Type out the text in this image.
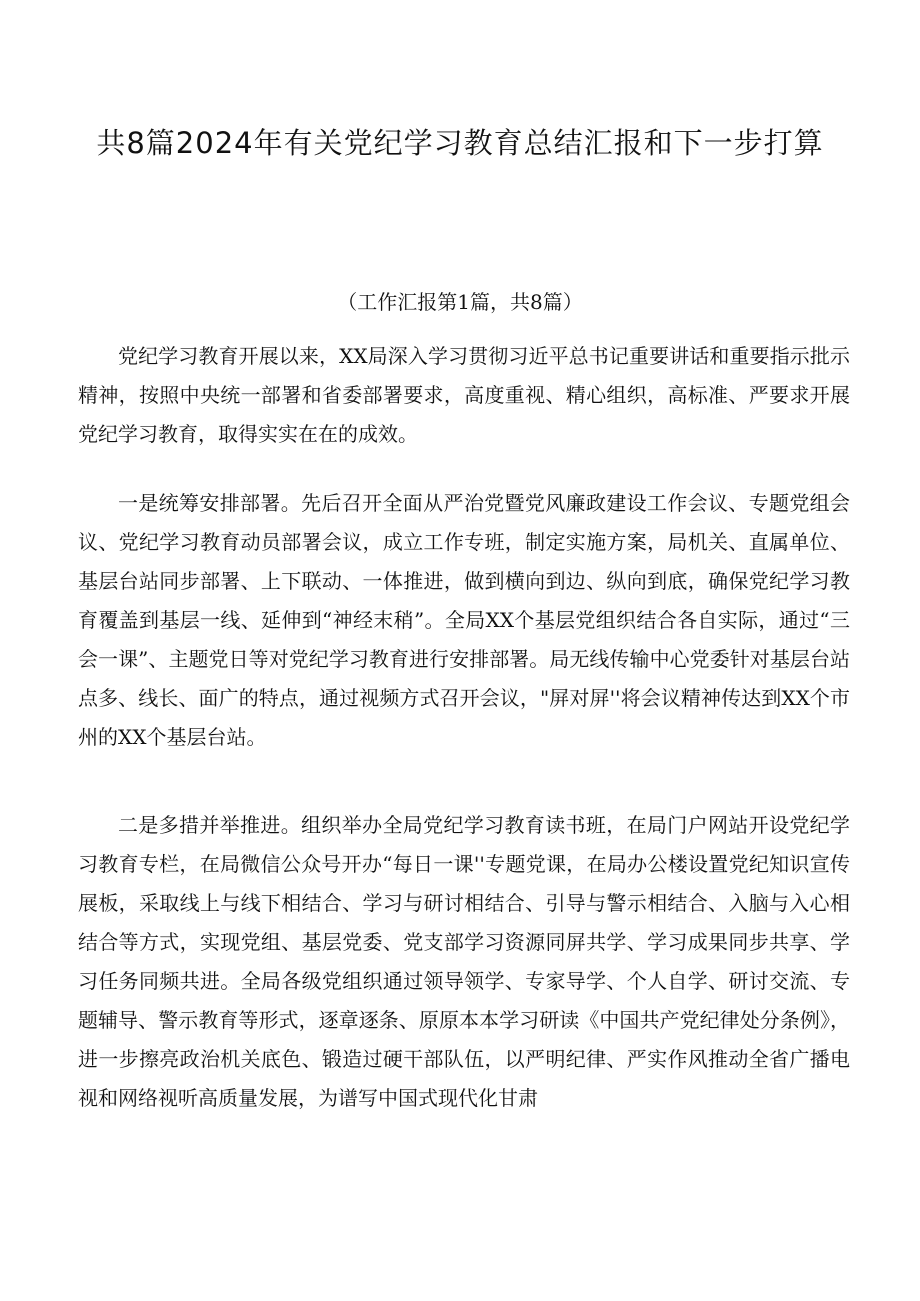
共8篇2024年有关党纪学习教育总结汇报和下一步打算
（工作汇报第1篇，共8篇）

党纪学习教育开展以来，XX局深入学习贯彻习近平总书记重要讲话和重要指示批示精神，按照中央统一部署和省委部署要求，高度重视、精心组织，高标准、严要求开展党纪学习教育，取得实实在在的成效。

一是统筹安排部署。先后召开全面从严治党暨党风廉政建设工作会议、专题党组会议、党纪学习教育动员部署会议，成立工作专班，制定实施方案，局机关、直属单位、基层台站同步部署、上下联动、一体推进，做到横向到边、纵向到底，确保党纪学习教育覆盖到基层一线、延伸到“神经末稍”。全局XX个基层党组织结合各自实际，通过“三会一课”、主题党日等对党纪学习教育进行安排部署。局无线传输中心党委针对基层台站点多、线长、面广的特点，通过视频方式召开会议，"屏对屏''将会议精神传达到XX个市州的XX个基层台站。

二是多措并举推进。组织举办全局党纪学习教育读书班，在局门户网站开设党纪学习教育专栏，在局微信公众号开办“每日一课''专题党课，在局办公楼设置党纪知识宣传展板，采取线上与线下相结合、学习与研讨相结合、引导与警示相结合、入脑与入心相结合等方式，实现党组、基层党委、党支部学习资源同屏共学、学习成果同步共享、学习任务同频共进。全局各级党组织通过领导领学、专家导学、个人自学、研讨交流、专题辅导、警示教育等形式，逐章逐条、原原本本学习研读《中国共产党纪律处分条例》，进一步擦亮政治机关底色、锻造过硬干部队伍，以严明纪律、严实作风推动全省广播电视和网络视听高质量发展，为谱写中国式现代化甘肃
